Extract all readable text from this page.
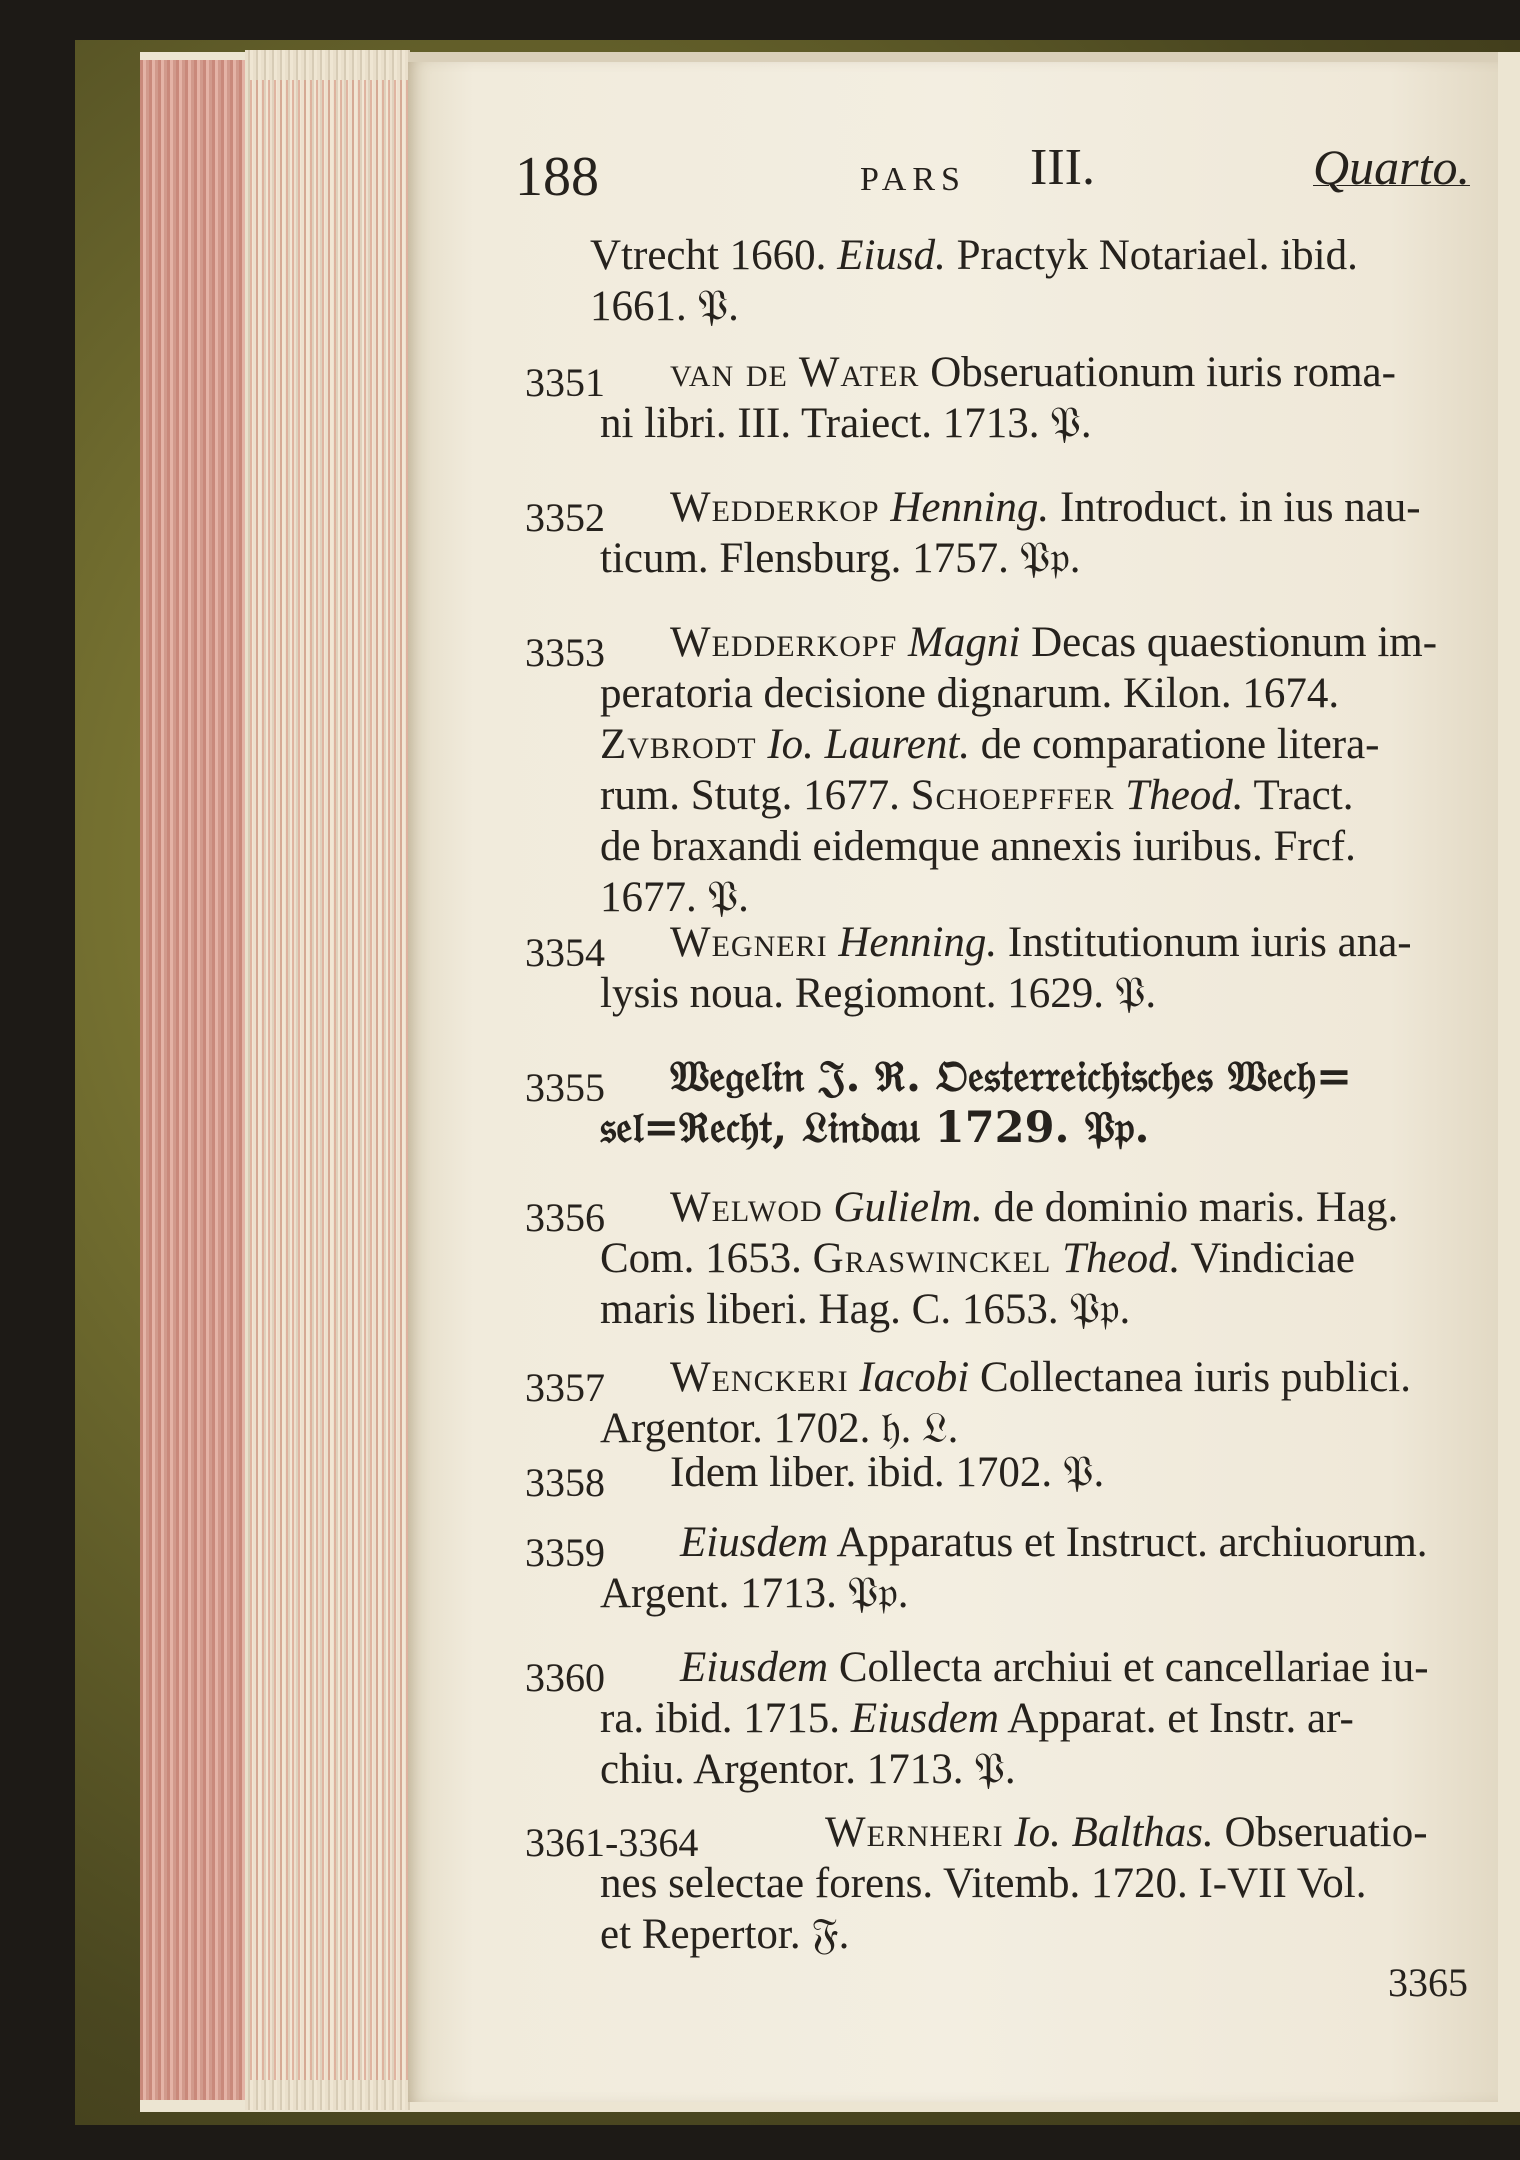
188	PARS III.	Quarto.
Vtrecht 1660. Eiusd. Practyk Notariael. ibid.
1661. 𝔓.
3351 van de Water Obseruationum iuris roma-
ni libri. III. Traiect. 1713. 𝔓.
3352 Wedderkop Henning. Introduct. in ius nau-
ticum. Flensburg. 1757. 𝔓𝔭.
3353 Wedderkopf Magni Decas quaestionum im-
peratoria decisione dignarum. Kilon. 1674.
Zvbrodt Io. Laurent. de comparatione litera-
rum. Stutg. 1677. Schoepffer Theod. Tract.
de braxandi eidemque annexis iuribus. Frcf.
1677. 𝔓.
3354 Wegneri Henning. Institutionum iuris ana-
lysis noua. Regiomont. 1629. 𝔓.
3355 𝔚𝔢𝔤𝔢𝔩𝔦𝔫 𝔍. ℜ. 𝔒𝔢𝔰𝔱𝔢𝔯𝔯𝔢𝔦𝔠𝔥𝔦𝔰𝔠𝔥𝔢𝔰 𝔚𝔢𝔠𝔥=
𝔰𝔢𝔩=ℜ𝔢𝔠𝔥𝔱, 𝔏𝔦𝔫𝔡𝔞𝔲 1729. 𝔓𝔭.
3356 Welwod Gulielm. de dominio maris. Hag.
Com. 1653. Graswinckel Theod. Vindiciae
maris liberi. Hag. C. 1653. 𝔓𝔭.
3357 Wenckeri Iacobi Collectanea iuris publici.
Argentor. 1702. 𝔥. 𝔏.
3358 Idem liber. ibid. 1702. 𝔓.
3359 Eiusdem Apparatus et Instruct. archiuorum.
Argent. 1713. 𝔓𝔭.
3360 Eiusdem Collecta archiui et cancellariae iu-
ra. ibid. 1715. Eiusdem Apparat. et Instr. ar-
chiu. Argentor. 1713. 𝔓.
3361-3364	Wernheri Io. Balthas. Obseruatio-
nes selectae forens. Vitemb. 1720. I-VII Vol.
et Repertor. 𝔉.
3365
